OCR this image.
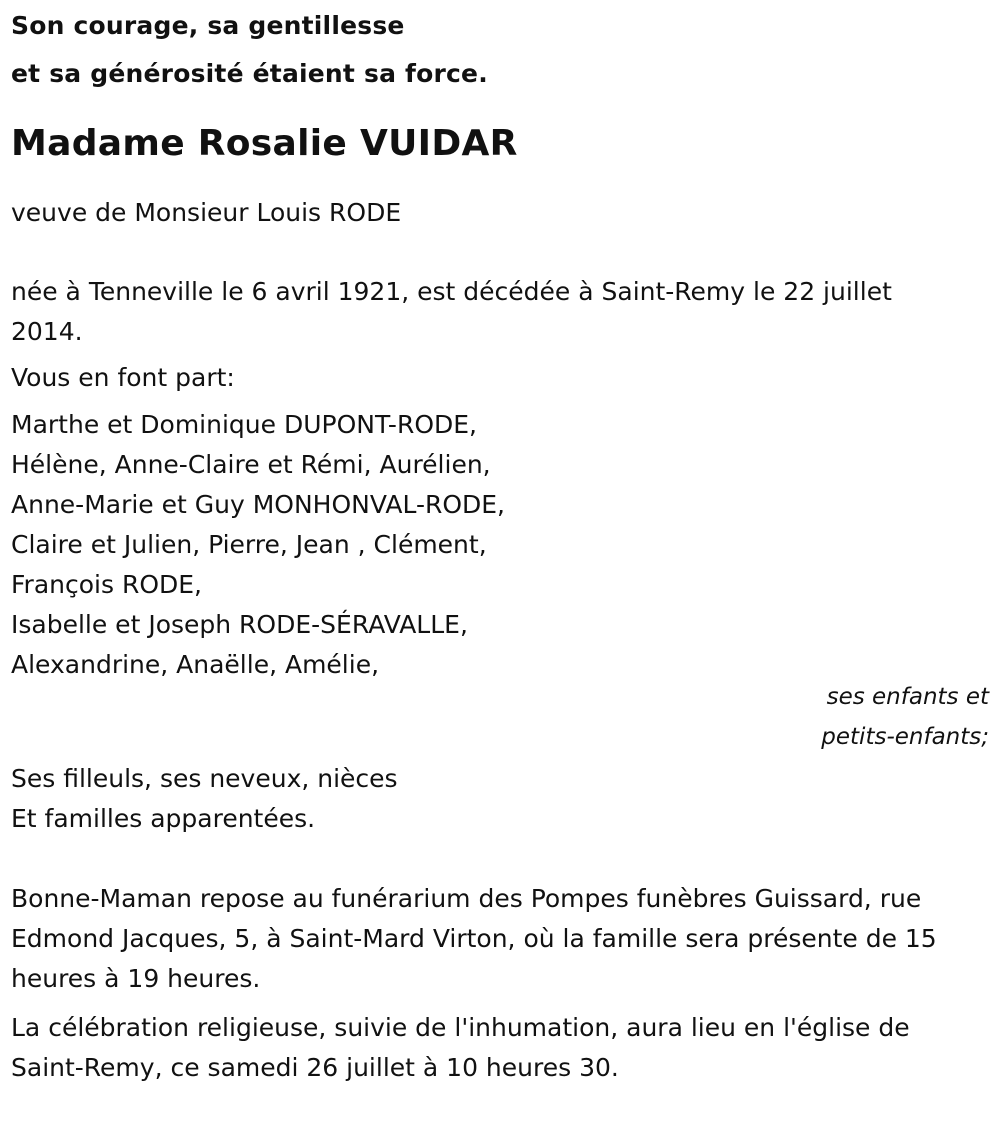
Son courage, sa gentillesse

et sa générosité étaient sa force.

Madame Rosalie VUIDAR

veuve de Monsieur Louis RODE

née à Tenneville le 6 avril 1921, est décédée à Saint-Remy le 22 juillet

2014.

Vous en font part:

Marthe et Dominique DUPONT-RODE,
Hélène, Anne-Claire et Rémi, Aurélien,
Anne-Marie et Guy MONHONVAL-RODE,
Claire et Julien, Pierre, Jean , Clément,
François RODE,
Isabelle et Joseph RODE-SÉRAVALLE,
Alexandrine, Anaëlle, Amélie,
ses enfants et
petits-enfants;

Ses filleuls, ses neveux, nièces

Et familles apparentées.

Bonne-Maman repose au funérarium des Pompes funèbres Guissard, rue

Edmond Jacques, 5, à Saint-Mard Virton, où la famille sera présente de 15

heures à 19 heures.

La célébration religieuse, suivie de l'inhumation, aura lieu en l'église de

Saint-Remy, ce samedi 26 juillet à 10 heures 30.
